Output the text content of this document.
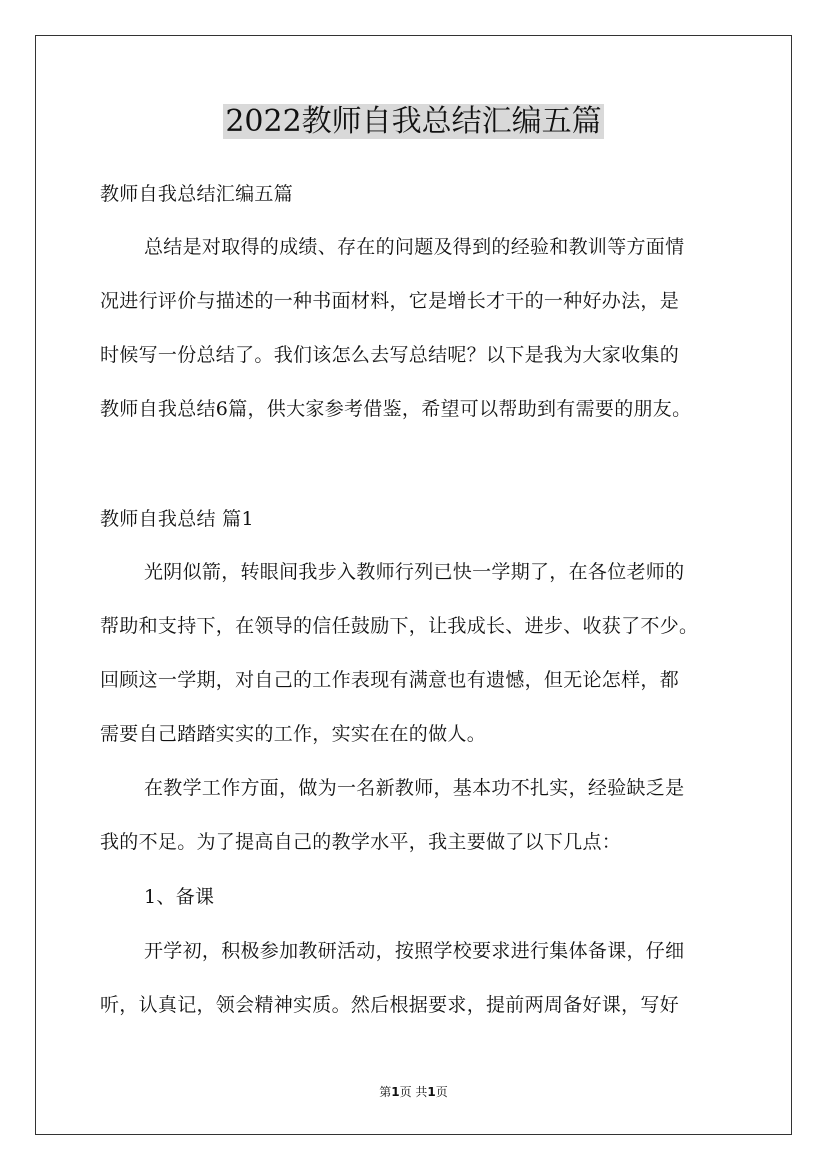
2022教师自我总结汇编五篇
教师自我总结汇编五篇
总结是对取得的成绩、存在的问题及得到的经验和教训等方面情
况进行评价与描述的一种书面材料，它是增长才干的一种好办法，是
时候写一份总结了。我们该怎么去写总结呢？以下是我为大家收集的
教师自我总结6篇，供大家参考借鉴，希望可以帮助到有需要的朋友。
教师自我总结 篇1
光阴似箭，转眼间我步入教师行列已快一学期了，在各位老师的
帮助和支持下，在领导的信任鼓励下，让我成长、进步、收获了不少。
回顾这一学期，对自己的工作表现有满意也有遗憾，但无论怎样，都
需要自己踏踏实实的工作，实实在在的做人。
在教学工作方面，做为一名新教师，基本功不扎实，经验缺乏是
我的不足。为了提高自己的教学水平，我主要做了以下几点：
1、备课
开学初，积极参加教研活动，按照学校要求进行集体备课，仔细
听，认真记，领会精神实质。然后根据要求，提前两周备好课，写好
第1页 共1页
